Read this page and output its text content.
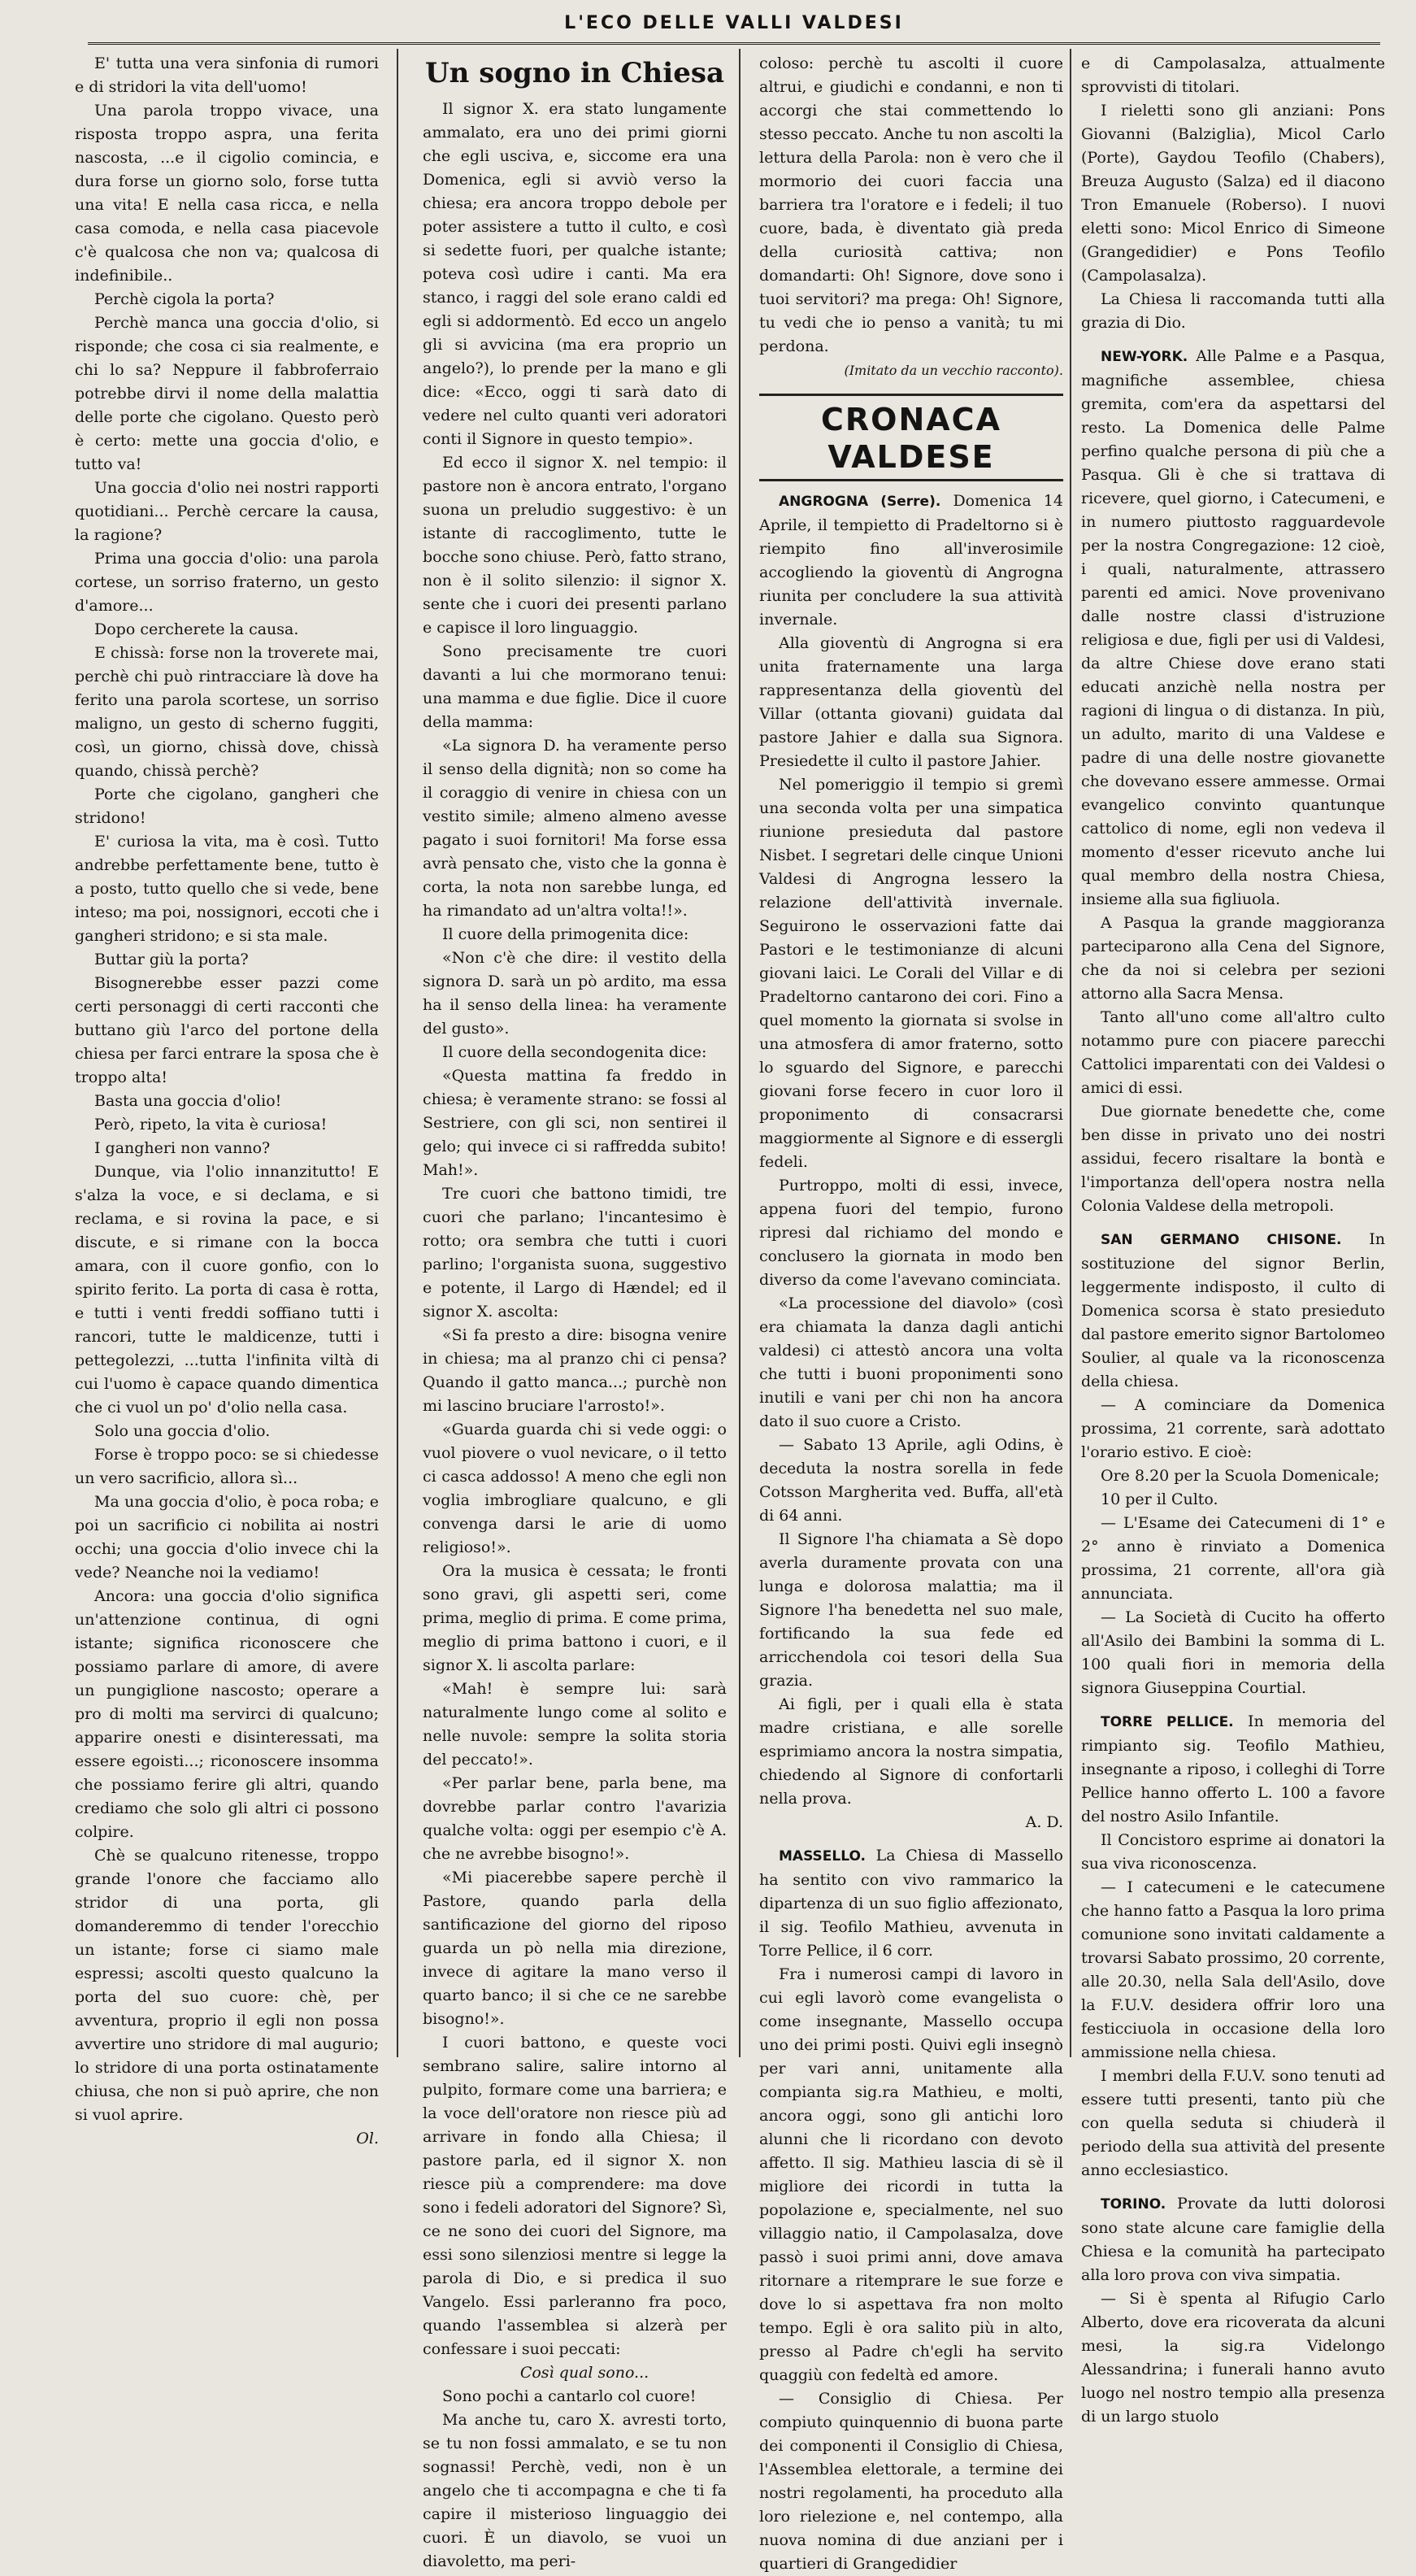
L'ECO DELLE VALLI VALDESI

E' tutta una vera sinfonia di rumori e di stridori la vita dell'uomo!

Una parola troppo vivace, una risposta troppo aspra, una ferita nascosta, ...e il cigolio comincia, e dura forse un giorno solo, forse tutta una vita! E nella casa ricca, e nella casa comoda, e nella casa piacevole c'è qualcosa che non va; qualcosa di indefinibile..

Perchè cigola la porta?

Perchè manca una goccia d'olio, si risponde; che cosa ci sia realmente, e chi lo sa? Neppure il fabbroferraio potrebbe dirvi il nome della malattia delle porte che cigolano. Questo però è certo: mette una goccia d'olio, e tutto va!

Una goccia d'olio nei nostri rapporti quotidiani... Perchè cercare la causa, la ragione?

Prima una goccia d'olio: una parola cortese, un sorriso fraterno, un gesto d'amore...

Dopo cercherete la causa.

E chissà: forse non la troverete mai, perchè chi può rintracciare là dove ha ferito una parola scortese, un sorriso maligno, un gesto di scherno fuggiti, così, un giorno, chissà dove, chissà quando, chissà perchè?

Porte che cigolano, gangheri che stridono!

E' curiosa la vita, ma è così. Tutto andrebbe perfettamente bene, tutto è a posto, tutto quello che si vede, bene inteso; ma poi, nossignori, eccoti che i gangheri stridono; e si sta male.

Buttar giù la porta?

Bisognerebbe esser pazzi come certi personaggi di certi racconti che buttano giù l'arco del portone della chiesa per farci entrare la sposa che è troppo alta!

Basta una goccia d'olio!

Però, ripeto, la vita è curiosa!

I gangheri non vanno?

Dunque, via l'olio innanzitutto! E s'alza la voce, e si declama, e si reclama, e si rovina la pace, e si discute, e si rimane con la bocca amara, con il cuore gonfio, con lo spirito ferito. La porta di casa è rotta, e tutti i venti freddi soffiano tutti i rancori, tutte le maldicenze, tutti i pettegolezzi, ...tutta l'infinita viltà di cui l'uomo è capace quando dimentica che ci vuol un po' d'olio nella casa.

Solo una goccia d'olio.

Forse è troppo poco: se si chiedesse un vero sacrificio, allora sì...

Ma una goccia d'olio, è poca roba; e poi un sacrificio ci nobilita ai nostri occhi; una goccia d'olio invece chi la vede? Neanche noi la vediamo!

Ancora: una goccia d'olio significa un'attenzione continua, di ogni istante; significa riconoscere che possiamo parlare di amore, di avere un pungiglione nascosto; operare a pro di molti ma servirci di qualcuno; apparire onesti e disinteressati, ma essere egoisti...; riconoscere insomma che possiamo ferire gli altri, quando crediamo che solo gli altri ci possono colpire.

Chè se qualcuno ritenesse, troppo grande l'onore che facciamo allo stridor di una porta, gli domanderemmo di tender l'orecchio un istante; forse ci siamo male espressi; ascolti questo qualcuno la porta del suo cuore: chè, per avventura, proprio il egli non possa avvertire uno stridore di mal augurio; lo stridore di una porta ostinatamente chiusa, che non si può aprire, che non si vuol aprire.

Ol.

Un sogno in Chiesa

Il signor X. era stato lungamente ammalato, era uno dei primi giorni che egli usciva, e, siccome era una Domenica, egli si avviò verso la chiesa; era ancora troppo debole per poter assistere a tutto il culto, e così si sedette fuori, per qualche istante; poteva così udire i canti. Ma era stanco, i raggi del sole erano caldi ed egli si addormentò. Ed ecco un angelo gli si avvicina (ma era proprio un angelo?), lo prende per la mano e gli dice: «Ecco, oggi ti sarà dato di vedere nel culto quanti veri adoratori conti il Signore in questo tempio».

Ed ecco il signor X. nel tempio: il pastore non è ancora entrato, l'organo suona un preludio suggestivo: è un istante di raccoglimento, tutte le bocche sono chiuse. Però, fatto strano, non è il solito silenzio: il signor X. sente che i cuori dei presenti parlano e capisce il loro linguaggio.

Sono precisamente tre cuori davanti a lui che mormorano tenui: una mamma e due figlie. Dice il cuore della mamma:

«La signora D. ha veramente perso il senso della dignità; non so come ha il coraggio di venire in chiesa con un vestito simile; almeno almeno avesse pagato i suoi fornitori! Ma forse essa avrà pensato che, visto che la gonna è corta, la nota non sarebbe lunga, ed ha rimandato ad un'altra volta!!».

Il cuore della primogenita dice:

«Non c'è che dire: il vestito della signora D. sarà un pò ardito, ma essa ha il senso della linea: ha veramente del gusto».

Il cuore della secondogenita dice:

«Questa mattina fa freddo in chiesa; è veramente strano: se fossi al Sestriere, con gli sci, non sentirei il gelo; qui invece ci si raffredda subito! Mah!».

Tre cuori che battono timidi, tre cuori che parlano; l'incantesimo è rotto; ora sembra che tutti i cuori parlino; l'organista suona, suggestivo e potente, il Largo di Hændel; ed il signor X. ascolta:

«Si fa presto a dire: bisogna venire in chiesa; ma al pranzo chi ci pensa? Quando il gatto manca...; purchè non mi lascino bruciare l'arrosto!».

«Guarda guarda chi si vede oggi: o vuol piovere o vuol nevicare, o il tetto ci casca addosso! A meno che egli non voglia imbrogliare qualcuno, e gli convenga darsi le arie di uomo religioso!».

Ora la musica è cessata; le fronti sono gravi, gli aspetti seri, come prima, meglio di prima. E come prima, meglio di prima battono i cuori, e il signor X. li ascolta parlare:

«Mah! è sempre lui: sarà naturalmente lungo come al solito e nelle nuvole: sempre la solita storia del peccato!».

«Per parlar bene, parla bene, ma dovrebbe parlar contro l'avarizia qualche volta: oggi per esempio c'è A. che ne avrebbe bisogno!».

«Mi piacerebbe sapere perchè il Pastore, quando parla della santificazione del giorno del riposo guarda un pò nella mia direzione, invece di agitare la mano verso il quarto banco; il si che ce ne sarebbe bisogno!».

I cuori battono, e queste voci sembrano salire, salire intorno al pulpito, formare come una barriera; e la voce dell'oratore non riesce più ad arrivare in fondo alla Chiesa; il pastore parla, ed il signor X. non riesce più a comprendere: ma dove sono i fedeli adoratori del Signore? Sì, ce ne sono dei cuori del Signore, ma essi sono silenziosi mentre si legge la parola di Dio, e si predica il suo Vangelo. Essi parleranno fra poco, quando l'assemblea si alzerà per confessare i suoi peccati:

Così qual sono...

Sono pochi a cantarlo col cuore!

Ma anche tu, caro X. avresti torto, se tu non fossi ammalato, e se tu non sognassi! Perchè, vedi, non è un angelo che ti accompagna e che ti fa capire il misterioso linguaggio dei cuori. È un diavolo, se vuoi un diavoletto, ma peri-

coloso: perchè tu ascolti il cuore altrui, e giudichi e condanni, e non ti accorgi che stai commettendo lo stesso peccato. Anche tu non ascolti la lettura della Parola: non è vero che il mormorio dei cuori faccia una barriera tra l'oratore e i fedeli; il tuo cuore, bada, è diventato già preda della curiosità cattiva; non domandarti: Oh! Signore, dove sono i tuoi servitori? ma prega: Oh! Signore, tu vedi che io penso a vanità; tu mi perdona.

(Imitato da un vecchio racconto).

CRONACA VALDESE

ANGROGNA (Serre). Domenica 14 Aprile, il tempietto di Pradeltorno si è riempito fino all'inverosimile accogliendo la gioventù di Angrogna riunita per concludere la sua attività invernale.

Alla gioventù di Angrogna si era unita fraternamente una larga rappresentanza della gioventù del Villar (ottanta giovani) guidata dal pastore Jahier e dalla sua Signora. Presiedette il culto il pastore Jahier.

Nel pomeriggio il tempio si gremì una seconda volta per una simpatica riunione presieduta dal pastore Nisbet. I segretari delle cinque Unioni Valdesi di Angrogna lessero la relazione dell'attività invernale. Seguirono le osservazioni fatte dai Pastori e le testimonianze di alcuni giovani laici. Le Corali del Villar e di Pradeltorno cantarono dei cori. Fino a quel momento la giornata si svolse in una atmosfera di amor fraterno, sotto lo sguardo del Signore, e parecchi giovani forse fecero in cuor loro il proponimento di consacrarsi maggiormente al Signore e di essergli fedeli.

Purtroppo, molti di essi, invece, appena fuori del tempio, furono ripresi dal richiamo del mondo e conclusero la giornata in modo ben diverso da come l'avevano cominciata.

«La processione del diavolo» (così era chiamata la danza dagli antichi valdesi) ci attestò ancora una volta che tutti i buoni proponimenti sono inutili e vani per chi non ha ancora dato il suo cuore a Cristo.

— Sabato 13 Aprile, agli Odins, è deceduta la nostra sorella in fede Cotsson Margherita ved. Buffa, all'età di 64 anni.

Il Signore l'ha chiamata a Sè dopo averla duramente provata con una lunga e dolorosa malattia; ma il Signore l'ha benedetta nel suo male, fortificando la sua fede ed arricchendola coi tesori della Sua grazia.

Ai figli, per i quali ella è stata madre cristiana, e alle sorelle esprimiamo ancora la nostra simpatia, chiedendo al Signore di confortarli nella prova.

A. D.

MASSELLO. La Chiesa di Massello ha sentito con vivo rammarico la dipartenza di un suo figlio affezionato, il sig. Teofilo Mathieu, avvenuta in Torre Pellice, il 6 corr.

Fra i numerosi campi di lavoro in cui egli lavorò come evangelista o come insegnante, Massello occupa uno dei primi posti. Quivi egli insegnò per vari anni, unitamente alla compianta sig.ra Mathieu, e molti, ancora oggi, sono gli antichi loro alunni che li ricordano con devoto affetto. Il sig. Mathieu lascia di sè il migliore dei ricordi in tutta la popolazione e, specialmente, nel suo villaggio natio, il Campolasalza, dove passò i suoi primi anni, dove amava ritornare a ritemprare le sue forze e dove lo si aspettava fra non molto tempo. Egli è ora salito più in alto, presso al Padre ch'egli ha servito quaggiù con fedeltà ed amore.

— Consiglio di Chiesa. Per compiuto quinquennio di buona parte dei componenti il Consiglio di Chiesa, l'Assemblea elettorale, a termine dei nostri regolamenti, ha proceduto alla loro rielezione e, nel contempo, alla nuova nomina di due anziani per i quartieri di Grangedidier

e di Campolasalza, attualmente sprovvisti di titolari.

I rieletti sono gli anziani: Pons Giovanni (Balziglia), Micol Carlo (Porte), Gaydou Teofilo (Chabers), Breuza Augusto (Salza) ed il diacono Tron Emanuele (Roberso). I nuovi eletti sono: Micol Enrico di Simeone (Grangedidier) e Pons Teofilo (Campolasalza).

La Chiesa li raccomanda tutti alla grazia di Dio.

NEW-YORK. Alle Palme e a Pasqua, magnifiche assemblee, chiesa gremita, com'era da aspettarsi del resto. La Domenica delle Palme perfino qualche persona di più che a Pasqua. Gli è che si trattava di ricevere, quel giorno, i Catecumeni, e in numero piuttosto ragguardevole per la nostra Congregazione: 12 cioè, i quali, naturalmente, attrassero parenti ed amici. Nove provenivano dalle nostre classi d'istruzione religiosa e due, figli per usi di Valdesi, da altre Chiese dove erano stati educati anzichè nella nostra per ragioni di lingua o di distanza. In più, un adulto, marito di una Valdese e padre di una delle nostre giovanette che dovevano essere ammesse. Ormai evangelico convinto quantunque cattolico di nome, egli non vedeva il momento d'esser ricevuto anche lui qual membro della nostra Chiesa, insieme alla sua figliuola.

A Pasqua la grande maggioranza parteciparono alla Cena del Signore, che da noi si celebra per sezioni attorno alla Sacra Mensa.

Tanto all'uno come all'altro culto notammo pure con piacere parecchi Cattolici imparentati con dei Valdesi o amici di essi.

Due giornate benedette che, come ben disse in privato uno dei nostri assidui, fecero risaltare la bontà e l'importanza dell'opera nostra nella Colonia Valdese della metropoli.

SAN GERMANO CHISONE. In sostituzione del signor Berlin, leggermente indisposto, il culto di Domenica scorsa è stato presieduto dal pastore emerito signor Bartolomeo Soulier, al quale va la riconoscenza della chiesa.

— A cominciare da Domenica prossima, 21 corrente, sarà adottato l'orario estivo. E cioè:

Ore 8.20 per la Scuola Domenicale;

10 per il Culto.

— L'Esame dei Catecumeni di 1° e 2° anno è rinviato a Domenica prossima, 21 corrente, all'ora già annunciata.

— La Società di Cucito ha offerto all'Asilo dei Bambini la somma di L. 100 quali fiori in memoria della signora Giuseppina Courtial.

TORRE PELLICE. In memoria del rimpianto sig. Teofilo Mathieu, insegnante a riposo, i colleghi di Torre Pellice hanno offerto L. 100 a favore del nostro Asilo Infantile.

Il Concistoro esprime ai donatori la sua viva riconoscenza.

— I catecumeni e le catecumene che hanno fatto a Pasqua la loro prima comunione sono invitati caldamente a trovarsi Sabato prossimo, 20 corrente, alle 20.30, nella Sala dell'Asilo, dove la F.U.V. desidera offrir loro una festicciuola in occasione della loro ammissione nella chiesa.

I membri della F.U.V. sono tenuti ad essere tutti presenti, tanto più che con quella seduta si chiuderà il periodo della sua attività del presente anno ecclesiastico.

TORINO. Provate da lutti dolorosi sono state alcune care famiglie della Chiesa e la comunità ha partecipato alla loro prova con viva simpatia.

— Si è spenta al Rifugio Carlo Alberto, dove era ricoverata da alcuni mesi, la sig.ra Videlongo Alessandrina; i funerali hanno avuto luogo nel nostro tempio alla presenza di un largo stuolo
